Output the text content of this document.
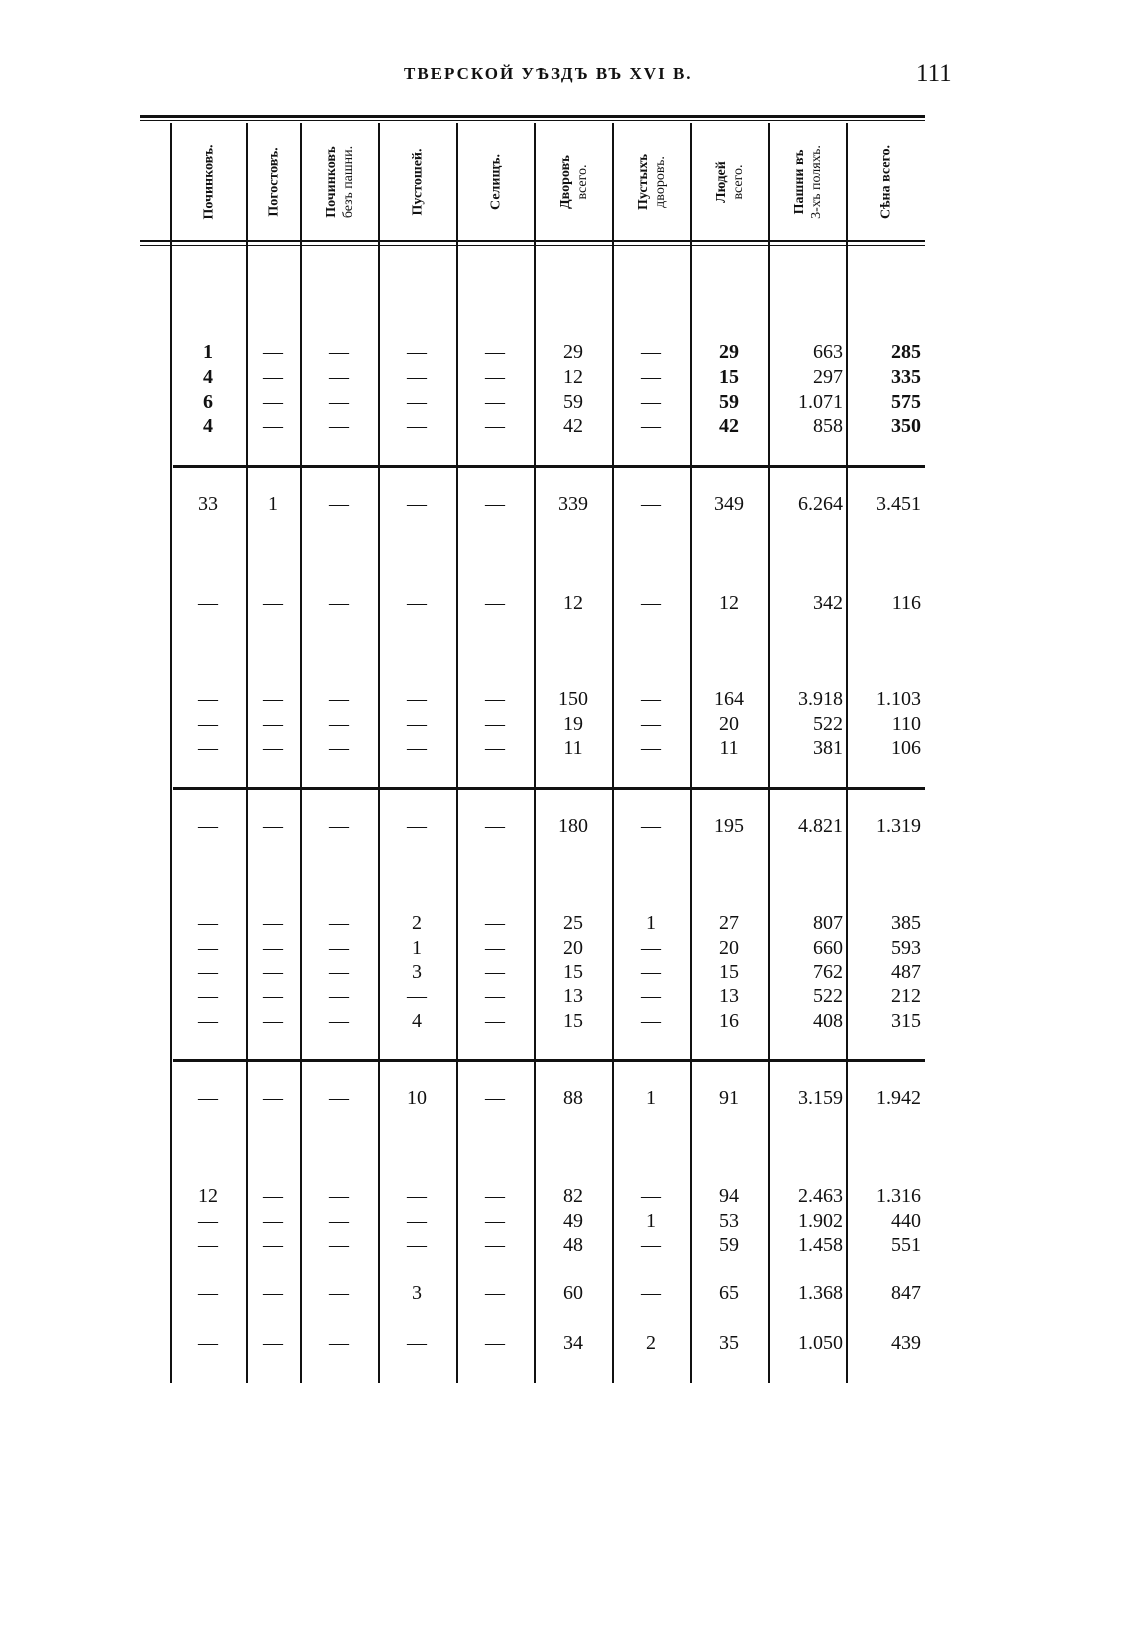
ТВЕРСКОЙ УѢЗДЪ ВЪ XVI В.	111
Починковъ.	Погостовъ.	Починковъ безъ пашни.	Пустошей.	Селищъ.	Дворовъ всего.	Пустыхъ дворовъ.	Людей всего.	Пашни въ 3-хъ поляхъ.	Сѣна всего.
1	—	—	—	—	29	—	29	663	285
4	—	—	—	—	12	—	15	297	335
6	—	—	—	—	59	—	59	1.071	575
4	—	—	—	—	42	—	42	858	350
33	1	—	—	—	339	—	349	6.264	3.451
—	—	—	—	—	12	—	12	342	116
—	—	—	—	—	150	—	164	3.918	1.103
—	—	—	—	—	19	—	20	522	110
—	—	—	—	—	11	—	11	381	106
—	—	—	—	—	180	—	195	4.821	1.319
—	—	—	2	—	25	1	27	807	385
—	—	—	1	—	20	—	20	660	593
—	—	—	3	—	15	—	15	762	487
—	—	—	—	—	13	—	13	522	212
—	—	—	4	—	15	—	16	408	315
—	—	—	10	—	88	1	91	3.159	1.942
12	—	—	—	—	82	—	94	2.463	1.316
—	—	—	—	—	49	1	53	1.902	440
—	—	—	—	—	48	—	59	1.458	551
—	—	—	3	—	60	—	65	1.368	847
—	—	—	—	—	34	2	35	1.050	439
